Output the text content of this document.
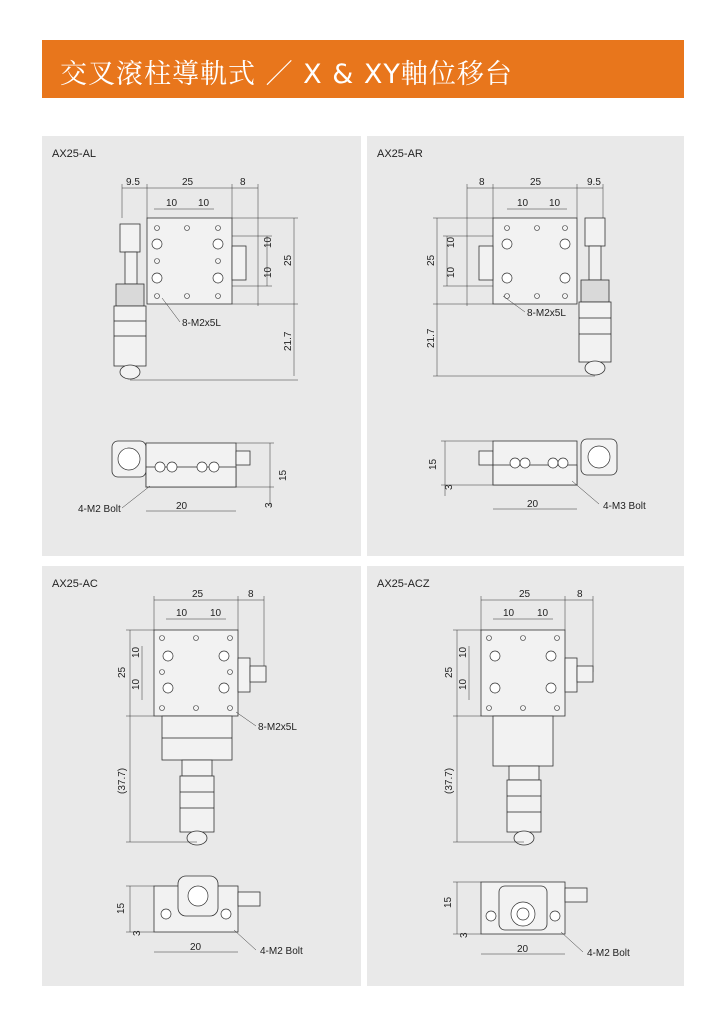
交叉滾柱導軌式 ／ X & XY軸位移台
AX25-AL
9.5	25	8
10 10
10
10
25
21.7
8-M2x5L
15
3
20
4-M2 Bolt
AX25-AR
8	25	9.5
10 10
10
10
25
21.7
8-M2x5L
15
3
20	4-M3 Bolt
AX25-AC
25	8
10 10
25
(37.7)
10
10
8-M2x5L
15
3
20	4-M2 Bolt
AX25-ACZ
25	8
10 10
25
(37.7)
10
10
15
3
20	4-M2 Bolt
